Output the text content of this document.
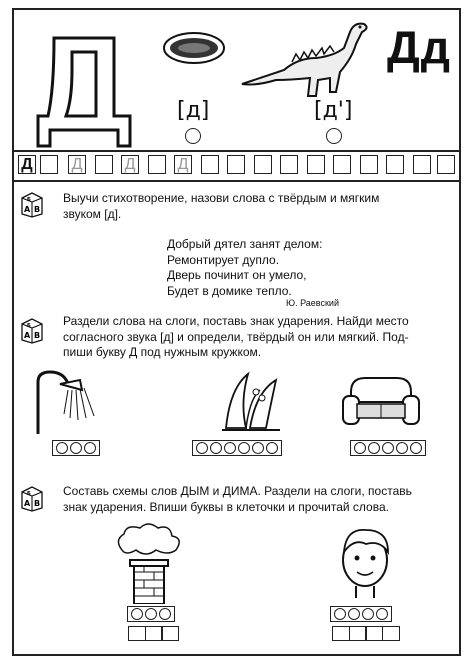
Дд
[д]	[д']
Д Д	Д	Д
Б
А В
Выучи стихотворение, назови слова с твёрдым и мягким
звуком [д].
Добрый дятел занят делом:
Ремонтирует дупло.
Дверь починит он умело,
Будет в домике тепло.
Ю. Раевский
Б
А В
Раздели слова на слоги, поставь знак ударения. Найди место
согласного звука [д] и определи, твёрдый он или мягкий. Под-
пиши букву Д под нужным кружком.
Б
А В
Составь схемы слов ДЫМ и ДИМА. Раздели на слоги, поставь
знак ударения. Впиши буквы в клеточки и прочитай слова.
